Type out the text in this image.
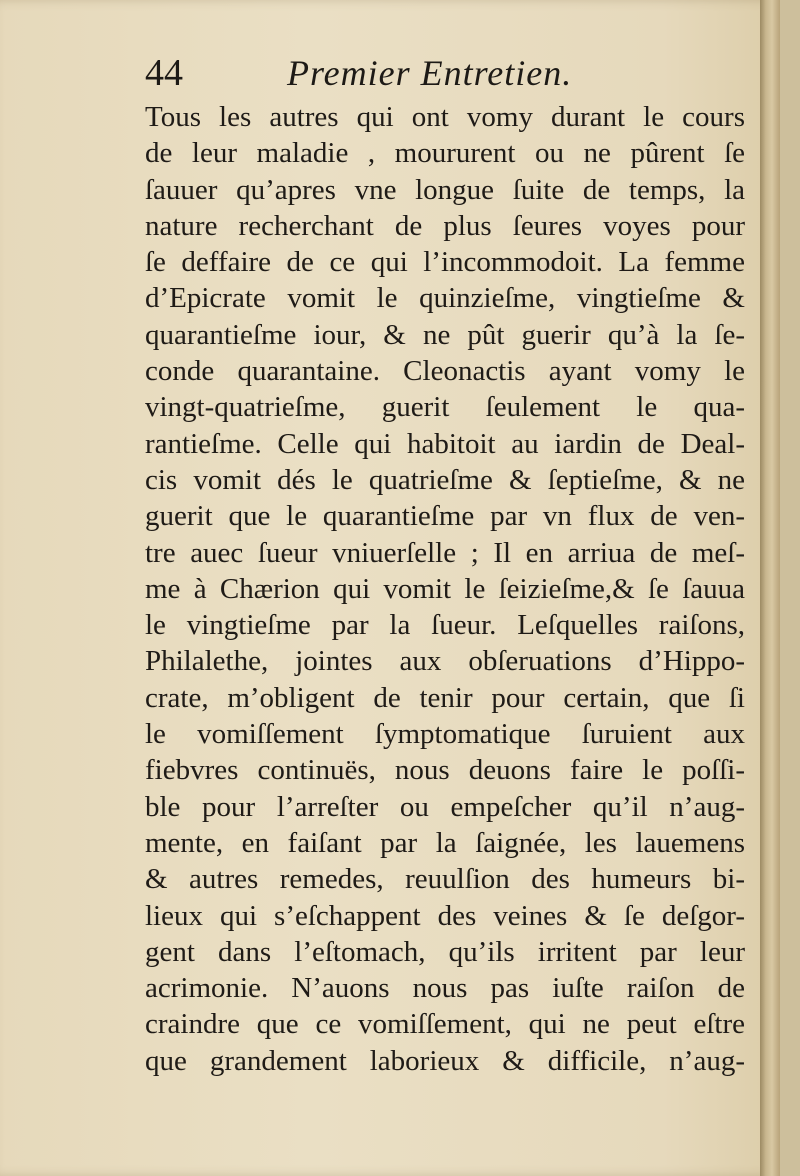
44	Premier Entretien.
Tous les autres qui ont vomy durant le cours
de leur maladie , moururent ou ne pûrent ſe
ſauuer qu’apres vne longue ſuite de temps, la
nature recherchant de plus ſeures voyes pour
ſe deffaire de ce qui l’incommodoit. La femme
d’Epicrate vomit le quinzieſme, vingtieſme &
quarantieſme iour, & ne pût guerir qu’à la ſe-
conde quarantaine. Cleonactis ayant vomy le
vingt-quatrieſme, guerit ſeulement le qua-
rantieſme. Celle qui habitoit au iardin de Deal-
cis vomit dés le quatrieſme & ſeptieſme, & ne
guerit que le quarantieſme par vn flux de ven-
tre auec ſueur vniuerſelle ; Il en arriua de meſ-
me à Chærion qui vomit le ſeizieſme,& ſe ſauua
le vingtieſme par la ſueur. Leſquelles raiſons,
Philalethe, jointes aux obſeruations d’Hippo-
crate, m’obligent de tenir pour certain, que ſi
le vomiſſement ſymptomatique ſuruient aux
fiebvres continuës, nous deuons faire le poſſi-
ble pour l’arreſter ou empeſcher qu’il n’aug-
mente, en faiſant par la ſaignée, les lauemens
& autres remedes, reuulſion des humeurs bi-
lieux qui s’eſchappent des veines & ſe deſgor-
gent dans l’eſtomach, qu’ils irritent par leur
acrimonie. N’auons nous pas iuſte raiſon de
craindre que ce vomiſſement, qui ne peut eſtre
que grandement laborieux & difficile, n’aug-
